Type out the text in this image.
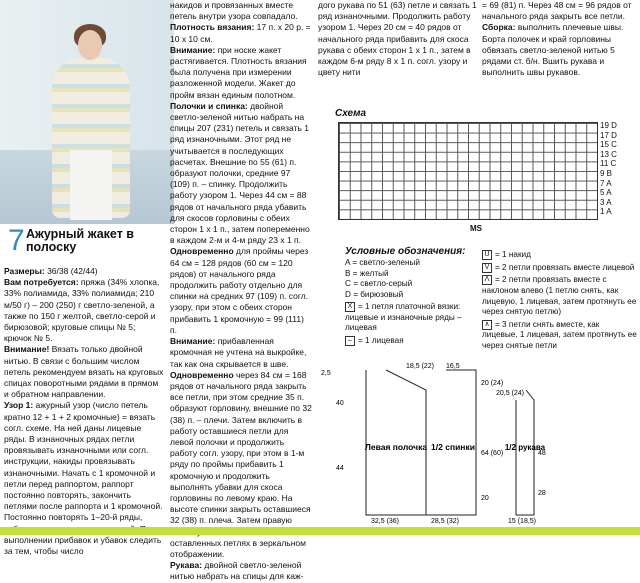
7 Ажурный жакет в полоску
Размеры: 36/38 (42/44)
Вам потребуется: пряжа (34% хлопка, 33% полиамида, 33% полиамида; 210 м/50 г) – 200 (250) г светло-зеленой, а также по 150 г желтой, светло-серой и бирюзовой; круговые спицы № 5; крючок № 5.
Внимание! Вязать только двойной нитью. В связи с большим числом петель рекомендуем вязать на круговых спицах поворотными рядами в прямом и обратном направлении.
Узор 1: ажурный узор (число петель кратно 12 + 1 + 2 кромочные) = вязать согл. схеме. На ней даны лицевые ряды. В изнаночных рядах петли провязывать изнаночными или согл. инструкции, накиды провязывать изнаночными. Начать с 1 кромочной и петли перед раппортом, раппорт постоянно повторять, закончить петлями после раппорта и 1 кромочной. Постоянно повторять 1–20-й ряды, выполнении прибавок и убавок следить за тем, чтобы число
накидов и провязанных вместе петель внутри узора совпадало.
Плотность вязания: 17 п. х 20 р. = 10 х 10 см.
Внимание: при носке жакет растягивается. Плотность вязания была получена при измерении разложенной модели. Жакет до пройм вязан единым полотном.
Полочки и спинка: двойной светло-зеленой нитью набрать на спицы 207 (231) петель и связать 1 ряд изнаночными. Этот ряд не учитывается в последующих расчетах. Внешние по 55 (61) п. образуют полочки, средние 97 (109) п. – спинку. Продолжить работу узором 1. Через 44 см = 88 рядов от начального ряда убавить для скосов горловины с обеих сторон 1 х 1 п., затем попеременно в каждом 2-м и 4-м ряду 23 х 1 п.
Одновременно для проймы через 64 см = 128 рядов (60 см = 120 рядов) от начального ряда продолжить работу отдельно для спинки на средних 97 (109) п. согл. узору, при этом с обеих сторон прибавить 1 кромочную = 99 (111) п.
Внимание: прибавленная кромочная не учтена на выкройке, так как она скрывается в шве.
Одновременно через 84 см = 168 рядов от начального ряда закрыть все петли, при этом средние 35 п. образуют горловину, внешние по 32 (38) п. – плечи. Затем включить в работу оставшиеся петли для левой полочки и продолжить работу согл. узору, при этом в 1-м ряду по проймы прибавить 1 кромочную и продолжить выполнять убавки для скоса горловины по левому краю. На высоте спинки закрыть оставшиеся 32 (38) п. плеча. Затем правую оставленных петлях в зеркальном отображении.
Рукава: двойной светло-зеленой нитью набрать на спицы для каж-
дого рукава по 51 (63) петле и связать 1 ряд изнаночными. Продолжить работу узором 1. Через 20 см = 40 рядов от начального ряда прибавить для скоса рукава с обеих сторон 1 х 1 п., затем в каждом 6-м ряду 8 х 1 п. согл. узору и цвету нити
= 69 (81) п. Через 48 см = 96 рядов от начального ряда закрыть все петли.
Сборка: выполнить плечевые швы. Борта полочек и край горловины обвязать светло-зеленой нитью 5 рядами ст. б/н. Вшить рукава и выполнить швы рукавов.
Схема
19 D
17 D
15 C
13 C
11 C
9 B
7 A
5 A
3 A
1 A
MS
Условные обозначения:
A = светло-зеленый
B = желтый
C = светло-серый
D = бирюзовый
X = 1 петля платочной вязки: лицевые и изнаночные ряды – лицевая
– = 1 лицевая
U = 1 накид
V = 2 петли провязать вместе лицевой
Λ = 2 петли провязать вместе с наклоном влево (1 петлю снять, как лицевую, 1 лицевая, затем протянуть ее через снятую петлю)
∧ = 3 петли снять вместе, как лицевые, 1 лицевая, затем протянуть ее через снятые петли
Левая полочка 1/2 спинки	1/2 рукава
18,5 (22) 16,5
2,5
40
44
20 (24)
64 (60)
20
32,5 (36)	28,5 (32)
20,5 (24)
48
28
15 (18,5)
